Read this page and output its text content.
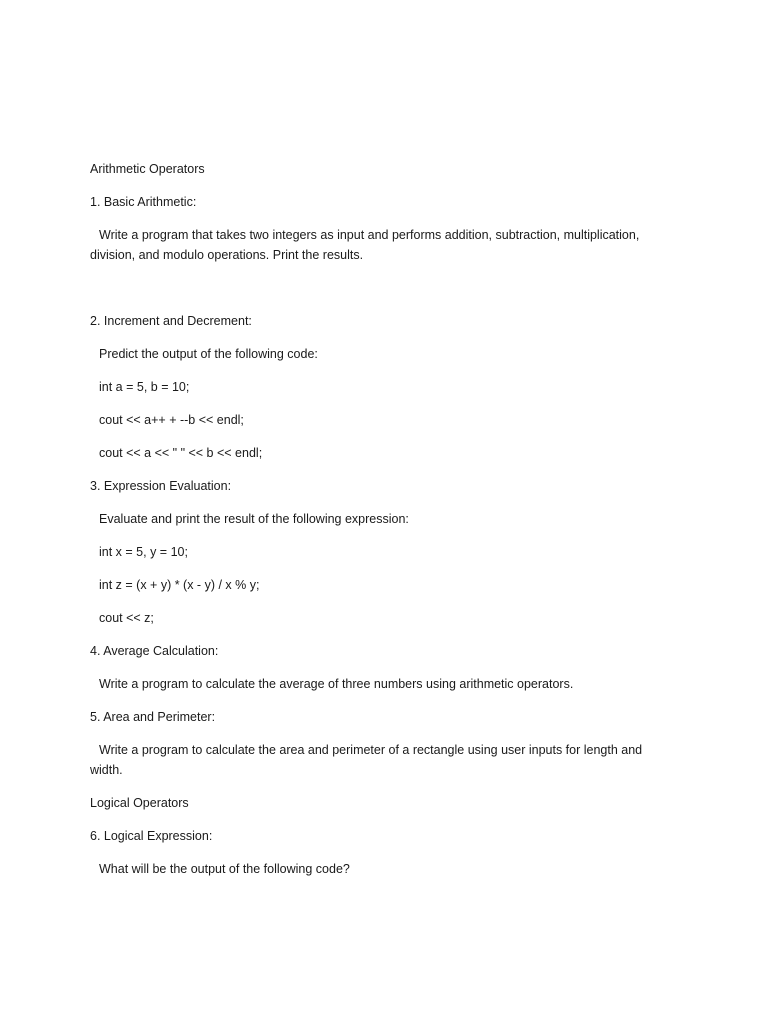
Arithmetic Operators

1. Basic Arithmetic:

Write a program that takes two integers as input and performs addition, subtraction, multiplication, division, and modulo operations. Print the results.

2. Increment and Decrement:

Predict the output of the following code:

int a = 5, b = 10;

cout << a++ + --b << endl;

cout << a << " " << b << endl;

3. Expression Evaluation:

Evaluate and print the result of the following expression:

int x = 5, y = 10;

int z = (x + y) * (x - y) / x % y;

cout << z;

4. Average Calculation:

Write a program to calculate the average of three numbers using arithmetic operators.

5. Area and Perimeter:

Write a program to calculate the area and perimeter of a rectangle using user inputs for length and width.

Logical Operators

6. Logical Expression:

What will be the output of the following code?
